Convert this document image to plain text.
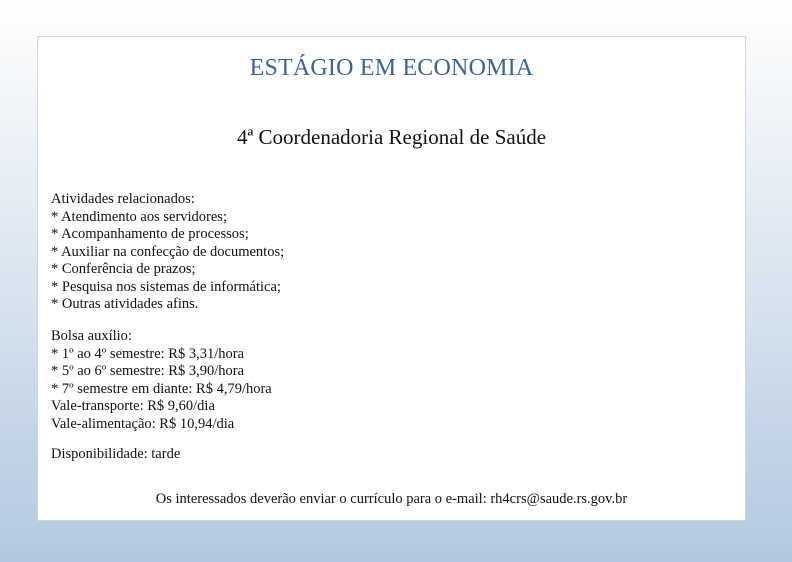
ESTÁGIO EM ECONOMIA
4ª Coordenadoria Regional de Saúde
Atividades relacionados:
* Atendimento aos servidores;
* Acompanhamento de processos;
* Auxiliar na confecção de documentos;
* Conferência de prazos;
* Pesquisa nos sistemas de informática;
* Outras atividades afins.
Bolsa auxílio:
* 1º ao 4º semestre: R$ 3,31/hora
* 5º ao 6º semestre: R$ 3,90/hora
* 7º semestre em diante: R$ 4,79/hora
Vale-transporte: R$ 9,60/dia
Vale-alimentação: R$ 10,94/dia
Disponibilidade: tarde
Os interessados deverão enviar o currículo para o e-mail: rh4crs@saude.rs.gov.br
